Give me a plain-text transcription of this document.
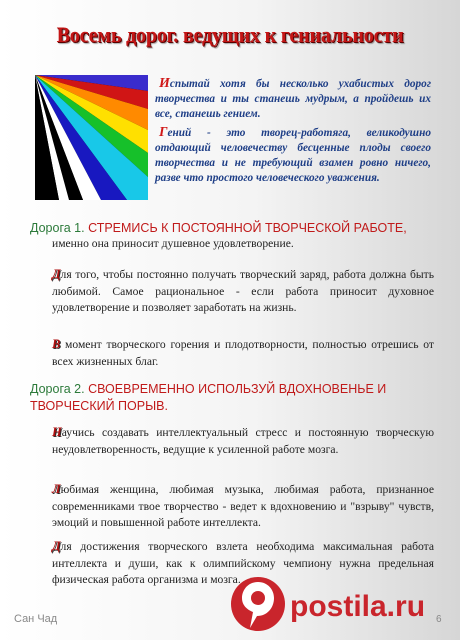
Восемь дорог. ведущих к гениальности

Испытай хотя бы несколько ухабистых дорог творчества и ты станешь мудрым, а пройдешь их все, станешь гением.

Гений - это творец-работяга, великодушно отдающий человечеству бесценные плоды своего творчества и не требующий взамен ровно ничего, разве что простого человеческого уважения.

Дорога 1. СТРЕМИСЬ К ПОСТОЯННОЙ ТВОРЧЕСКОЙ РАБОТЕ,
именно она приносит душевное удовлетворение.
Для того, чтобы постоянно получать творческий заряд, работа должна быть любимой. Самое рациональное - если работа приносит духовное удовлетворение и позволяет заработать на жизнь.
В момент творческого горения и плодотворности, полностью отрешись от всех жизненных благ.
Дорога 2. СВОЕВРЕМЕННО ИСПОЛЬЗУЙ ВДОХНОВЕНЬЕ И ТВОРЧЕСКИЙ ПОРЫВ.
Научись создавать интеллектуальный стресс и постоянную творческую неудовлетворенность, ведущие к усиленной работе мозга.
Любимая женщина, любимая музыка, любимая работа, признанное современниками твое творчество - ведет к вдохновению и "взрыву" чувств, эмоций и повышенной работе интеллекта.
Для достижения творческого взлета необходима максимальная работа интеллекта и души, как к олимпийскому чемпиону нужна предельная физическая работа организма и мозга.
postila.ru
Сан Чад	6
